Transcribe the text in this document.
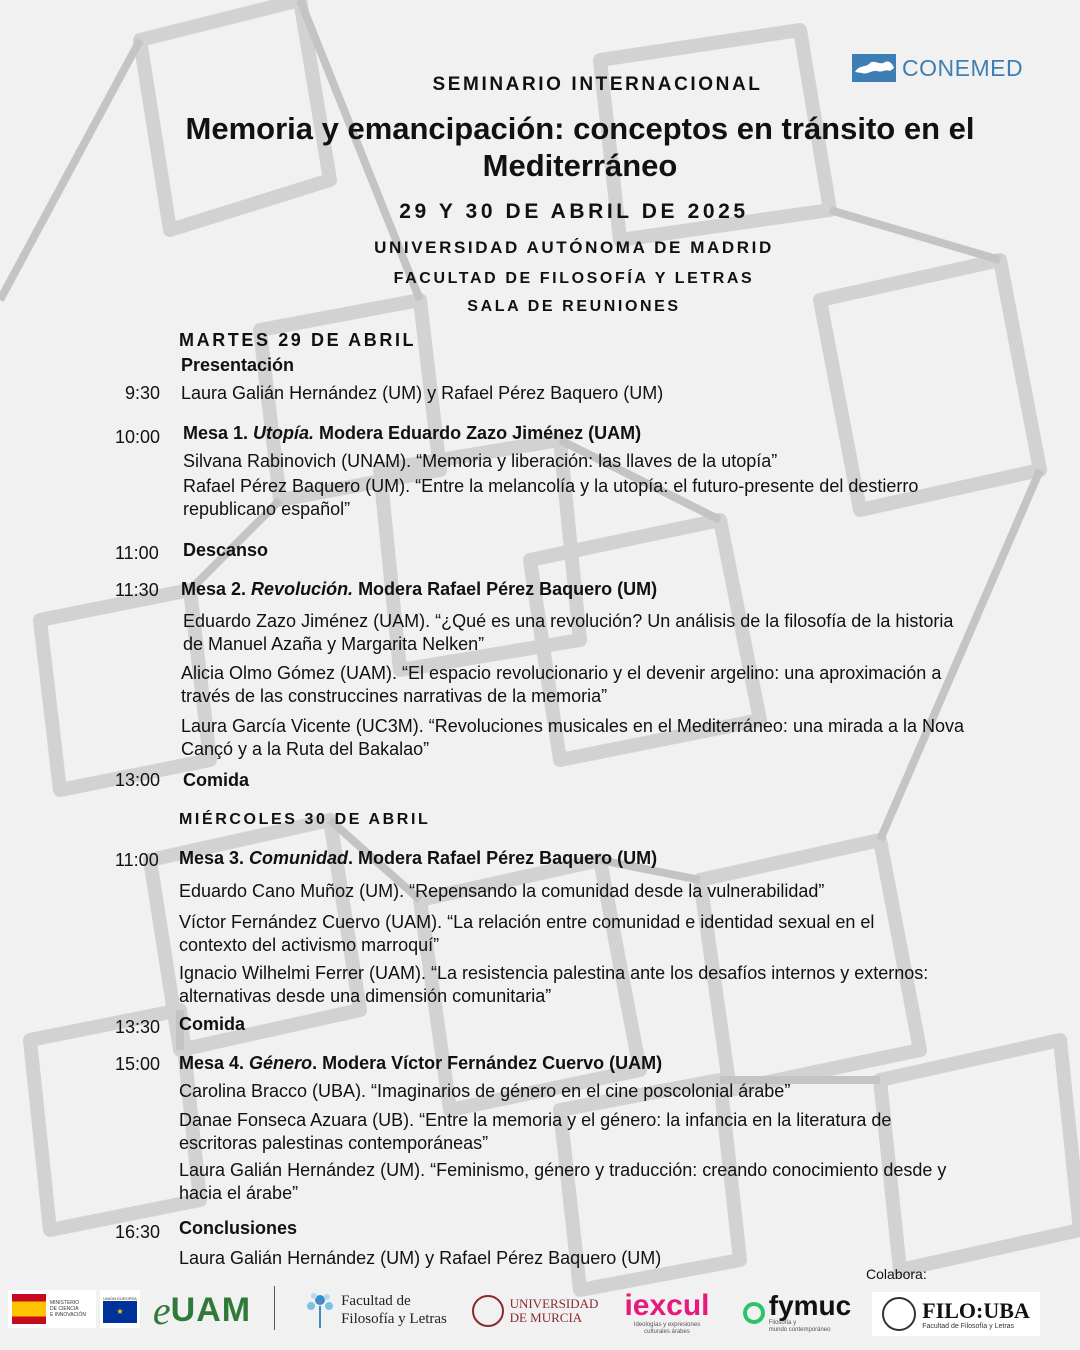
CONEMED
SEMINARIO INTERNACIONAL
Memoria y emancipación: conceptos en tránsito en el
Mediterráneo
29 Y 30 DE ABRIL DE 2025
UNIVERSIDAD AUTÓNOMA DE MADRID
FACULTAD DE FILOSOFÍA Y LETRAS
SALA DE REUNIONES
MARTES 29 DE ABRIL
Presentación
9:30 Laura Galián Hernández (UM) y Rafael Pérez Baquero (UM)
10:00 Mesa 1. Utopía. Modera Eduardo Zazo Jiménez (UAM)
Silvana Rabinovich (UNAM). “Memoria y liberación: las llaves de la utopía”
Rafael Pérez Baquero (UM). “Entre la melancolía y la utopía: el futuro-presente del destierro
republicano español”
11:00 Descanso
11:30 Mesa 2. Revolución. Modera Rafael Pérez Baquero (UM)
Eduardo Zazo Jiménez (UAM). “¿Qué es una revolución? Un análisis de la filosofía de la historia
de Manuel Azaña y Margarita Nelken”
Alicia Olmo Gómez (UAM). “El espacio revolucionario y el devenir argelino: una aproximación a
través de las construccines narrativas de la memoria”
Laura García Vicente (UC3M). “Revoluciones musicales en el Mediterráneo: una mirada a la Nova
Cançó y a la Ruta del Bakalao”
13:00 Comida
MIÉRCOLES 30 DE ABRIL
11:00 Mesa 3. Comunidad. Modera Rafael Pérez Baquero (UM)
Eduardo Cano Muñoz (UM). “Repensando la comunidad desde la vulnerabilidad”
Víctor Fernández Cuervo (UAM). “La relación entre comunidad e identidad sexual en el
contexto del activismo marroquí”
Ignacio Wilhelmi Ferrer (UAM). “La resistencia palestina ante los desafíos internos y externos:
alternativas desde una dimensión comunitaria”
13:30 Comida
15:00 Mesa 4. Género. Modera Víctor Fernández Cuervo (UAM)
Carolina Bracco (UBA). “Imaginarios de género en el cine poscolonial árabe”
Danae Fonseca Azuara (UB). “Entre la memoria y el género: la infancia en la literatura de
escritoras palestinas contemporáneas”
Laura Galián Hernández (UM). “Feminismo, género y traducción: creando conocimiento desde y
hacia el árabe”
16:30 Conclusiones
Laura Galián Hernández (UM) y Rafael Pérez Baquero (UM)
Colabora:
MINISTERIO
DE CIENCIA
E INNOVACIÓN
UNIÓN EUROPEA
★ e UAM	Facultad de
Filosofía y Letras
UNIVERSIDAD
DE MURCIA	iexcul
Ideologías y expresiones
culturales árabes
fymuc
Filosofía y
mundo contemporáneo
FILO:UBA
Facultad de Filosofía y Letras
